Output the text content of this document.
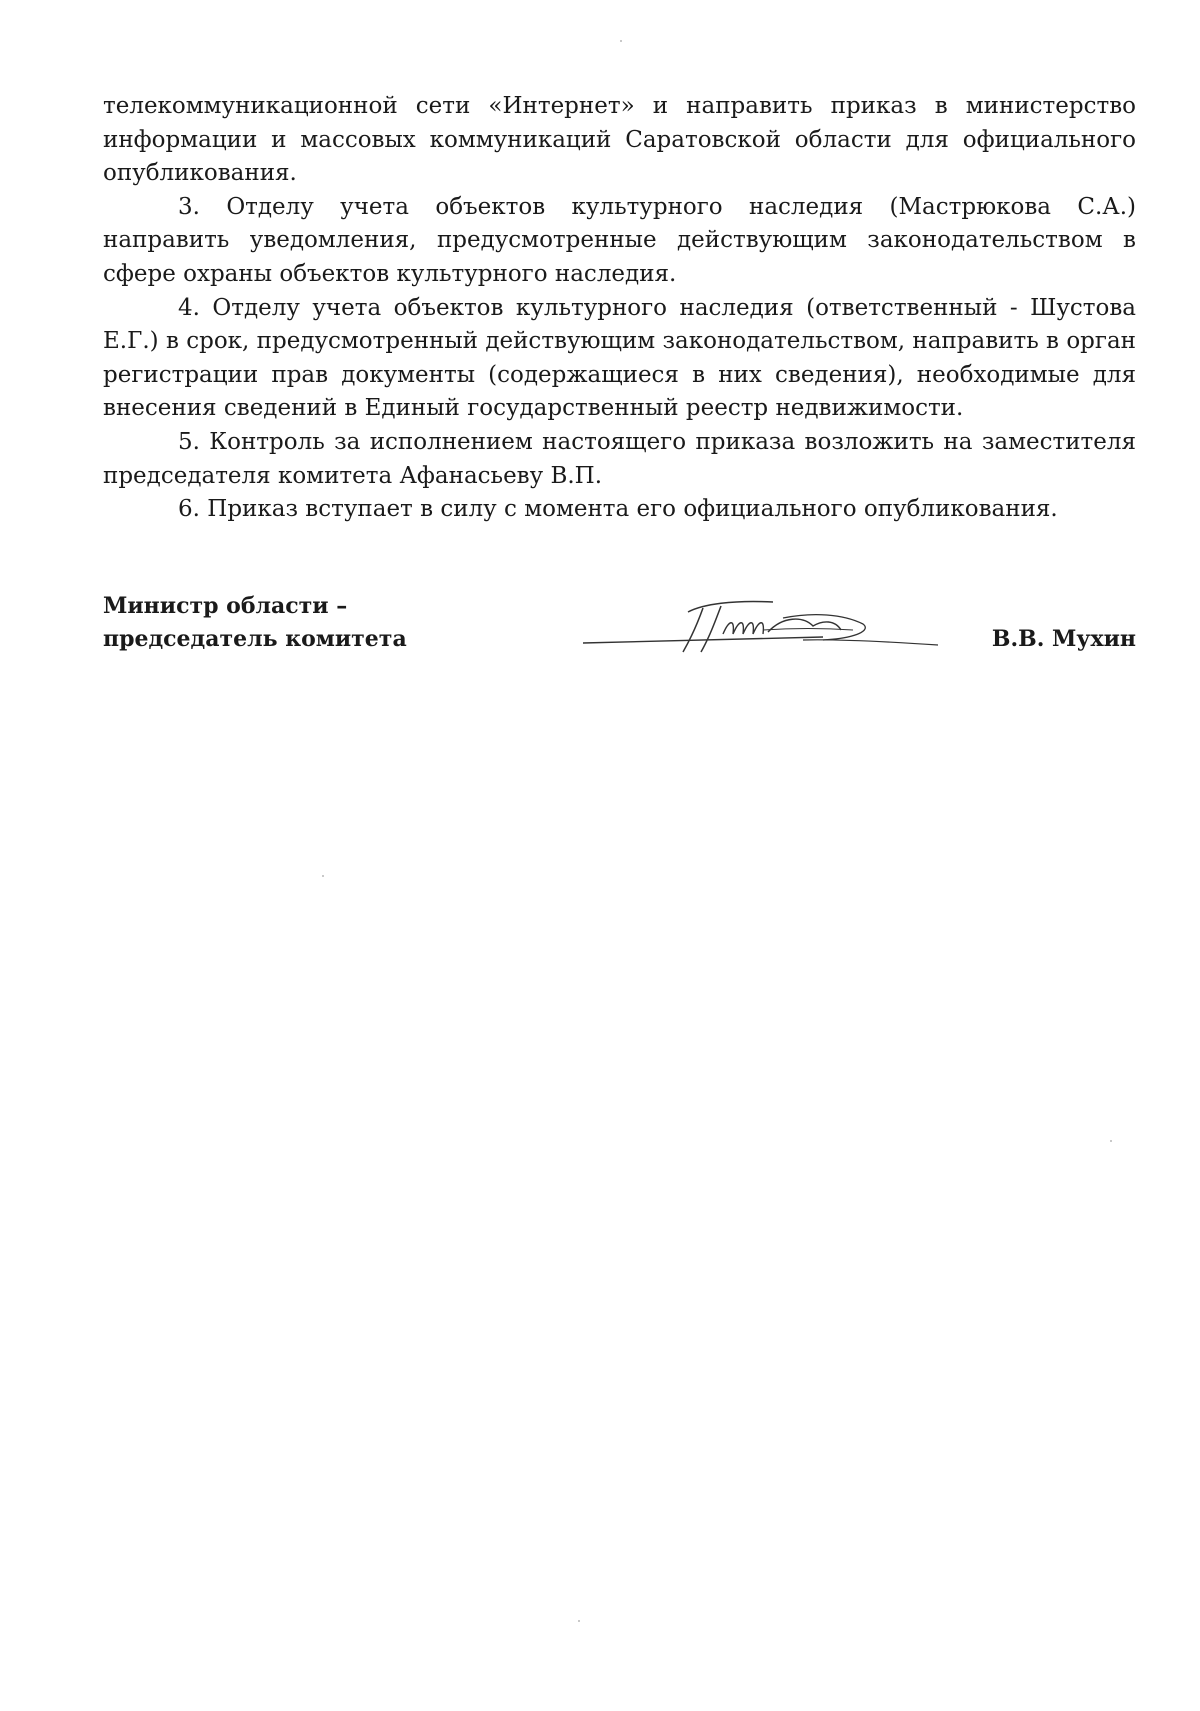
телекоммуникационной сети «Интернет» и направить приказ в министерство информации и массовых коммуникаций Саратовской области для официального опубликования.

3. Отделу учета объектов культурного наследия (Мастрюкова С.А.) направить уведомления, предусмотренные действующим законодательством в сфере охраны объектов культурного наследия.

4. Отделу учета объектов культурного наследия (ответственный - Шустова Е.Г.) в срок, предусмотренный действующим законодательством, направить в орган регистрации прав документы (содержащиеся в них сведения), необходимые для внесения сведений в Единый государственный реестр недвижимости.

5. Контроль за исполнением настоящего приказа возложить на заместителя председателя комитета Афанасьеву В.П.

6. Приказ вступает в силу с момента его официального опубликования.

Министр области –
председатель комитета	В.В. Мухин
